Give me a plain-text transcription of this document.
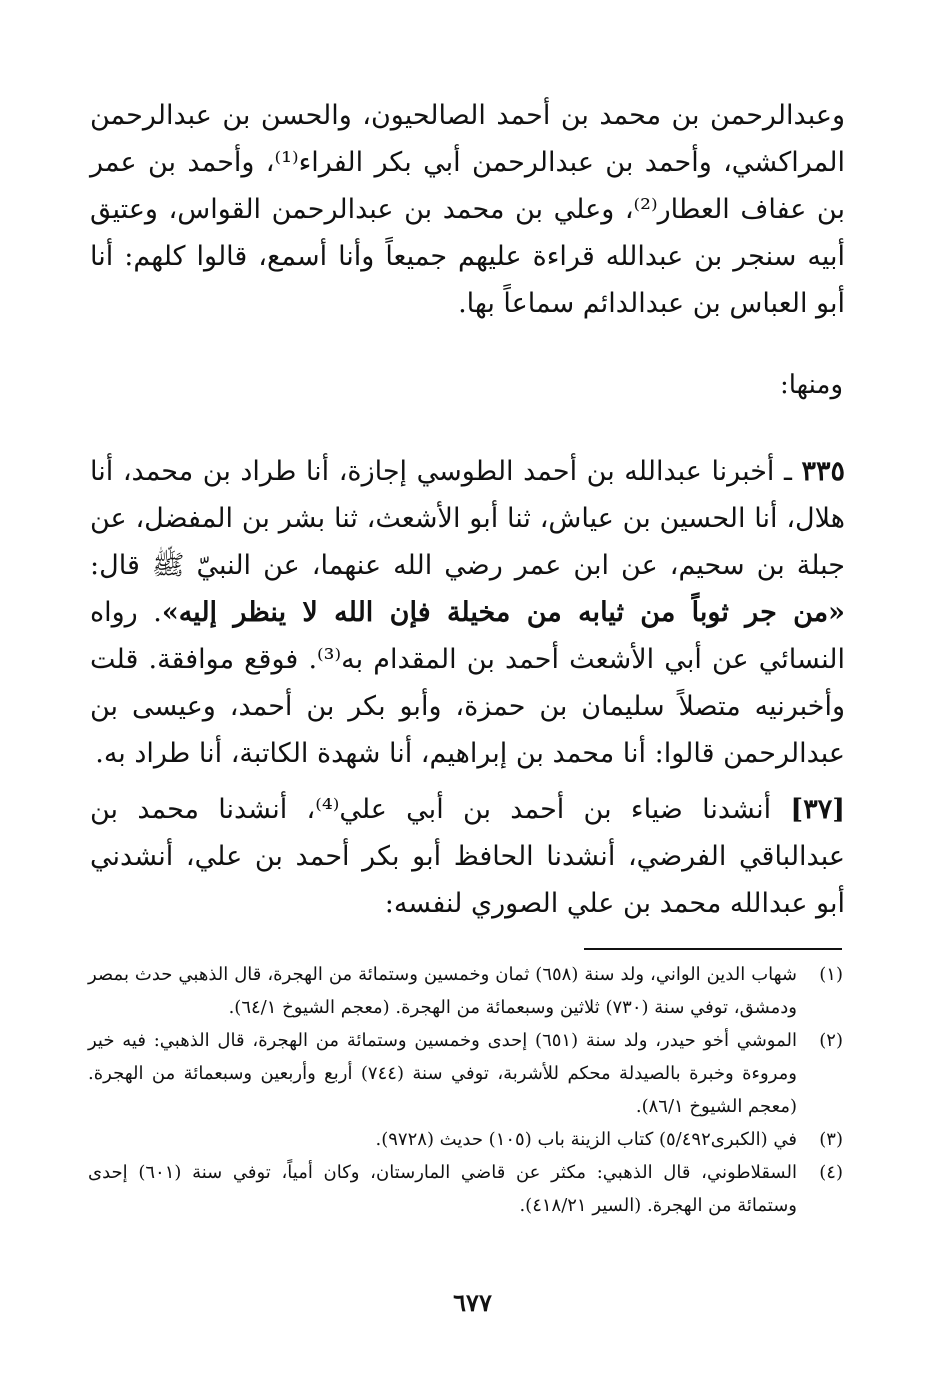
وعبدالرحمن بن محمد بن أحمد الصالحيون، والحسن بن عبدالرحمن المراكشي، وأحمد بن عبدالرحمن أبي بكر الفراء⁽¹⁾، وأحمد بن عمر بن عفاف العطار⁽²⁾، وعلي بن محمد بن عبدالرحمن القواس، وعتيق أبيه سنجر بن عبدالله قراءة عليهم جميعاً وأنا أسمع، قالوا كلهم: أنا أبو العباس بن عبدالدائم سماعاً بها.

ومنها:

٣٣٥ ـ أخبرنا عبدالله بن أحمد الطوسي إجازة، أنا طراد بن محمد، أنا هلال، أنا الحسين بن عياش، ثنا أبو الأشعث، ثنا بشر بن المفضل، عن جبلة بن سحيم، عن ابن عمر رضي الله عنهما، عن النبيّ ﷺ قال: «من جر ثوباً من ثيابه من مخيلة فإن الله لا ينظر إليه». رواه النسائي عن أبي الأشعث أحمد بن المقدام به⁽³⁾. فوقع موافقة. قلت وأخبرنيه متصلاً سليمان بن حمزة، وأبو بكر بن أحمد، وعيسى بن عبدالرحمن قالوا: أنا محمد بن إبراهيم، أنا شهدة الكاتبة، أنا طراد به.

[٣٧] أنشدنا ضياء بن أحمد بن أبي علي⁽⁴⁾، أنشدنا محمد بن عبدالباقي الفرضي، أنشدنا الحافظ أبو بكر أحمد بن علي، أنشدني أبو عبدالله محمد بن علي الصوري لنفسه:

(١)
شهاب الدين الواني، ولد سنة (٦٥٨) ثمان وخمسين وستمائة من الهجرة، قال الذهبي حدث بمصر ودمشق، توفي سنة (٧٣٠) ثلاثين وسبعمائة من الهجرة. (معجم الشيوخ ٦٤/١).
(٢)
الموشي أخو حيدر، ولد سنة (٦٥١) إحدى وخمسين وستمائة من الهجرة، قال الذهبي: فيه خير ومروءة وخبرة بالصيدلة محكم للأشربة، توفي سنة (٧٤٤) أربع وأربعين وسبعمائة من الهجرة. (معجم الشيوخ ٨٦/١).
(٣)
في (الكبرى٥/٤٩٢) كتاب الزينة باب (١٠٥) حديث (٩٧٢٨).
(٤)
السقلاطوني، قال الذهبي: مكثر عن قاضي المارستان، وكان أمياً، توفي سنة (٦٠١) إحدى وستمائة من الهجرة. (السير ٤١٨/٢١).
٦٧٧
